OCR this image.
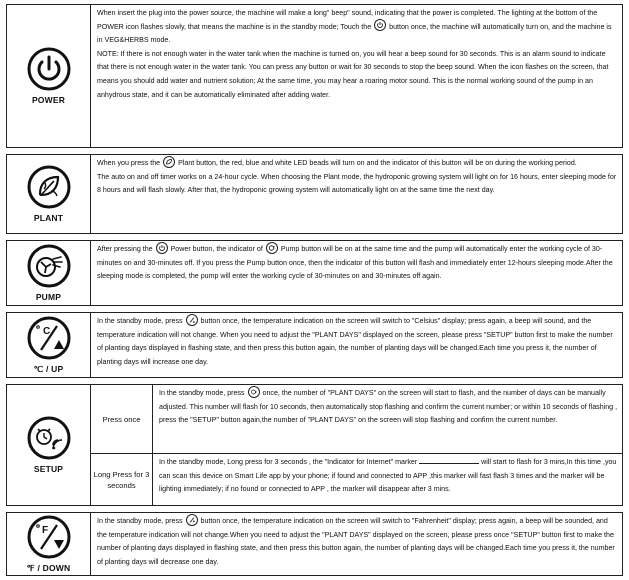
POWER

When insert the plug into the power source, the machine will make a long" beep" sound, indicating that the power is completed. The lighting at the bottom of the POWER icon flashes slowly, that means the machine is in the standby mode; Touch the	button once, the machine will automatically turn on, and the machine is in VEG&HERBS mode.

NOTE: If there is not enough water in the water tank when the machine is turned on, you will hear a beep sound for 30 seconds. This is an alarm sound to indicate that there is not enough water in the water tank. You can press any button or wait for 30 seconds to stop the beep sound. When the icon flashes on the screen, that means you should add water and nutrient solution; At the same time, you may hear a roaring motor sound. This is the normal working sound of the pump in an anhydrous state, and it can be automatically eliminated after adding water.

PLANT

When you press the	Plant button, the red, blue and white LED beads will turn on and the indicator of this button will be on during the working period.

The auto on and off timer works on a 24-hour cycle. When choosing the Plant mode, the hydroponic growing system will light on for 16 hours, enter sleeping mode for 8 hours and will flash slowly. After that, the hydroponic growing system will automatically light on at the same time the next day.

PUMP

After pressing the	Power button, the indicator of	Pump button will be on at the same time and the pump will automatically enter the working cycle of 30-minutes on and 30-minutes off. If you press the Pump button once, then the indicator of this button will flash and immediately enter 12-hours sleeping mode.After the sleeping mode is completed, the pump will enter the working cycle of 30-minutes on and 30-minutes off again.

C
℃ / UP

In the standby mode, press	button once, the temperature indication on the screen will switch to "Celsius" display; press again, a beep will sound, and the temperature indication will not change. When you need to adjust the "PLANT DAYS" displayed on the screen, please press "SETUP" button first to make the number of planting days displayed in flashing state, and then press this button again, the number of planting days will be changed.Each time you press it, the number of planting days will increase one day.

SETUP
Press once

In the standby mode, press	once, the number of "PLANT DAYS" on the screen will start to flash, and the number of days can be manually adjusted. This number will flash for 10 seconds, then automatically stop flashing and confirm the current number; or within 10 seconds of flashing , press the "SETUP" button again,the number of "PLANT DAYS" on the screen will stop flashing and confirm the current number.

Long Press for 3 seconds

In the standby mode, Long press for 3 seconds , the "Indicator for Internet" marker	will start to flash for 3 mins,In this time ,you can scan this device on Smart Life app by your phone; if found and connected to APP ,this marker will fast flash 3 times and the marker will be lighting immediately; if no found or connected to APP , the marker will disappear after 3 mins.

F
℉ / DOWN

In the standby mode, press	button once, the temperature indication on the screen will switch to "Fahrenheit" display; press again, a beep will be sounded, and the temperature indication will not change.When you need to adjust the "PLANT DAYS" displayed on the screen, please press once "SETUP" button first to make the number of planting days displayed in flashing state, and then press this button again, the number of planting days will be changed.Each time you press it, the number of planting days will decrease one day.
